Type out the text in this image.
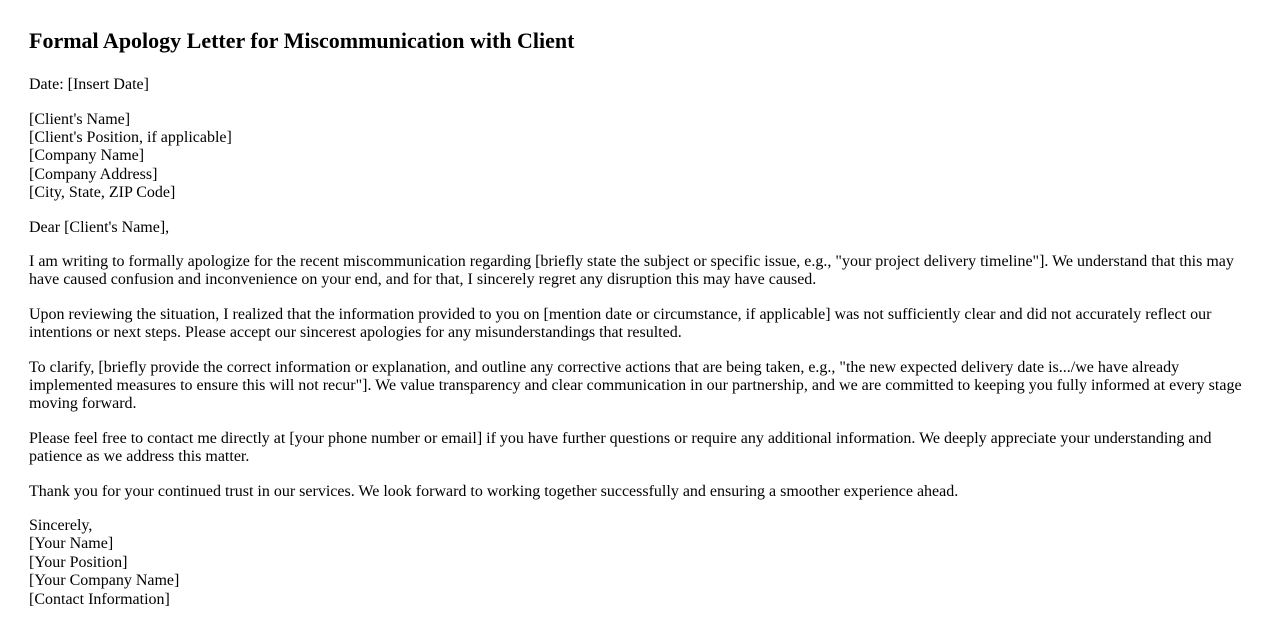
Formal Apology Letter for Miscommunication with Client

Date: [Insert Date]

[Client's Name]
[Client's Position, if applicable]
[Company Name]
[Company Address]
[City, State, ZIP Code]

Dear [Client's Name],

I am writing to formally apologize for the recent miscommunication regarding [briefly state the subject or specific issue, e.g., "your project delivery timeline"]. We understand that this may have caused confusion and inconvenience on your end, and for that, I sincerely regret any disruption this may have caused.

Upon reviewing the situation, I realized that the information provided to you on [mention date or circumstance, if applicable] was not sufficiently clear and did not accurately reflect our intentions or next steps. Please accept our sincerest apologies for any misunderstandings that resulted.

To clarify, [briefly provide the correct information or explanation, and outline any corrective actions that are being taken, e.g., "the new expected delivery date is.../we have already implemented measures to ensure this will not recur"]. We value transparency and clear communication in our partnership, and we are committed to keeping you fully informed at every stage moving forward.

Please feel free to contact me directly at [your phone number or email] if you have further questions or require any additional information. We deeply appreciate your understanding and patience as we address this matter.

Thank you for your continued trust in our services. We look forward to working together successfully and ensuring a smoother experience ahead.

Sincerely,
[Your Name]
[Your Position]
[Your Company Name]
[Contact Information]
